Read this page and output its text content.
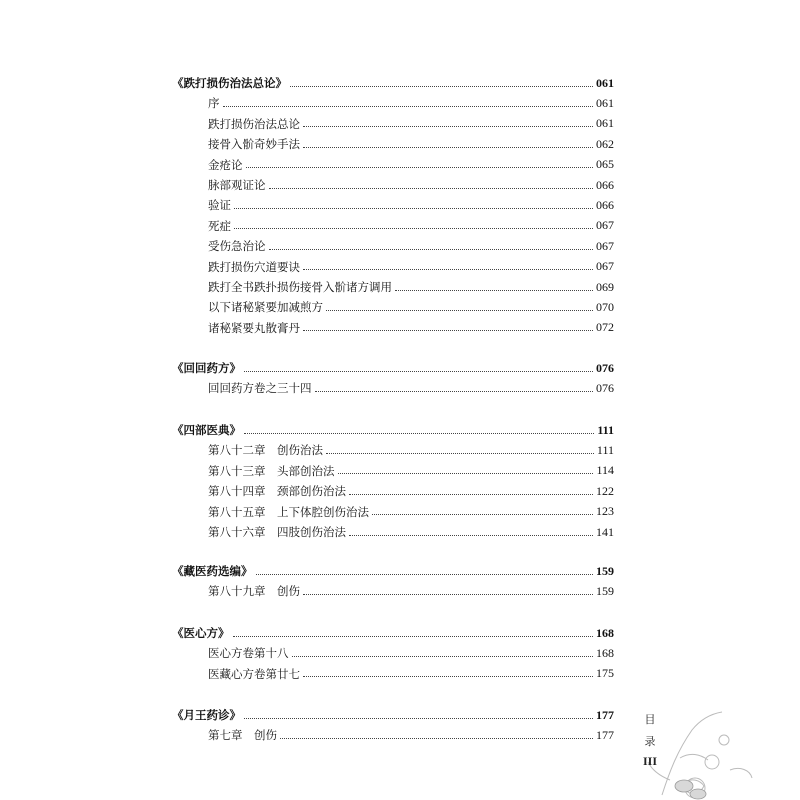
《跌打损伤治法总论》	061
序	061
跌打损伤治法总论	061
接骨入骱奇妙手法	062
金疮论	065
脉部观证论	066
验证	066
死症	067
受伤急治论	067
跌打损伤穴道要诀	067
跌打全书跌扑损伤接骨入骱诸方调用	069
以下诸秘紧要加减煎方	070
诸秘紧要丸散膏丹	072
《回回药方》	076
回回药方卷之三十四	076
《四部医典》	111
第八十二章　创伤治法	111
第八十三章　头部创治法	114
第八十四章　颈部创伤治法	122
第八十五章　上下体腔创伤治法	123
第八十六章　四肢创伤治法	141
《藏医药选编》	159
第八十九章　创伤	159
《医心方》	168
医心方卷第十八	168
医藏心方卷第廿七	175
《月王药诊》	177
第七章　创伤	177
目
录
III
